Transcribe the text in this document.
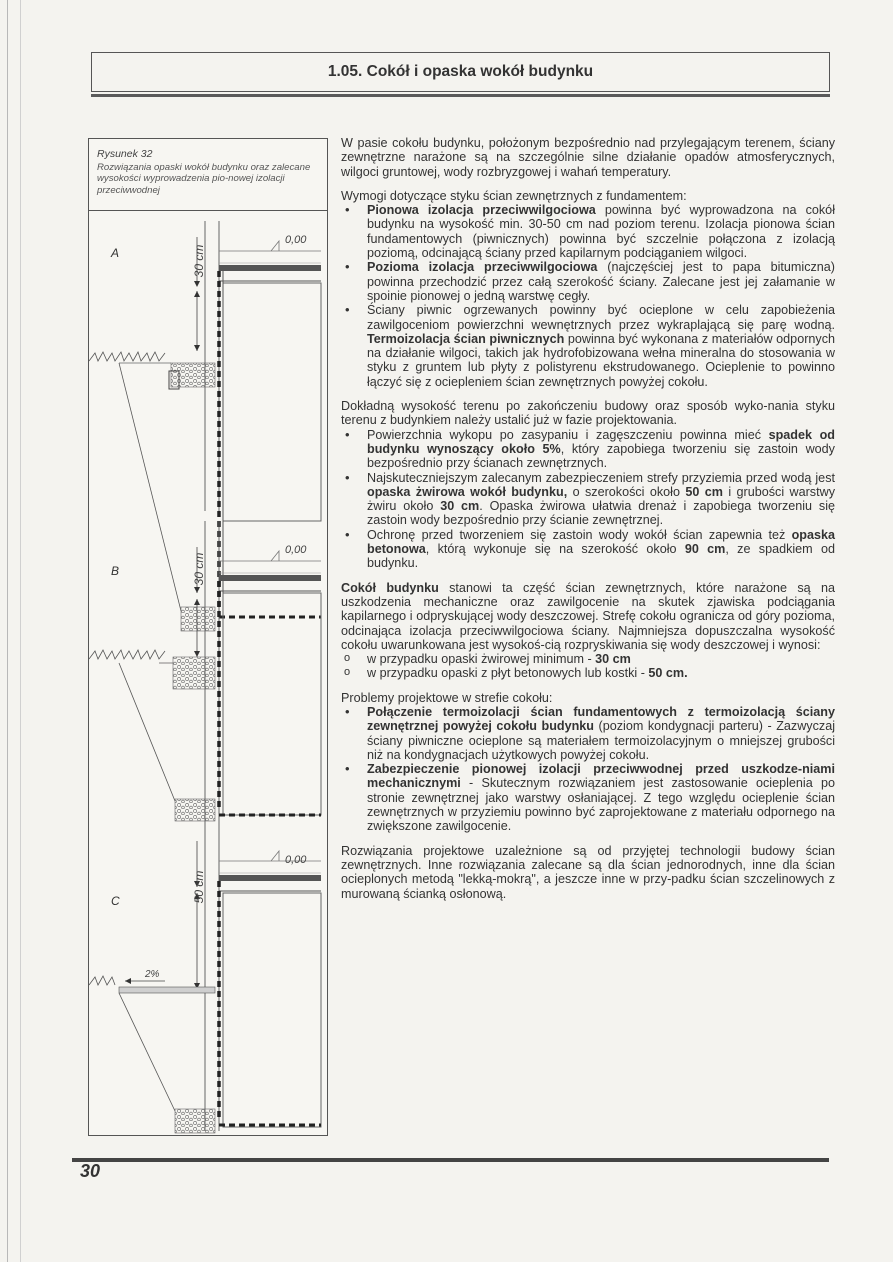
1.05. Cokół i opaska wokół budynku
Rysunek 32
Rozwiązania opaski wokół budynku oraz zalecane wysokości wyprowadzenia pio-nowej izolacji przeciwwodnej
A
0,00
30 cm
B
0,00
30 cm
C
0,00
50 cm
2%

W pasie cokołu budynku, położonym bezpośrednio nad przylegającym terenem, ściany zewnętrzne narażone są na szczególnie silne działanie opadów atmosferycznych, wilgoci gruntowej, wody rozbryzgowej i wahań temperatury.

Wymogi dotyczące styku ścian zewnętrznych z fundamentem:

• Pionowa izolacja przeciwwilgociowa powinna być wyprowadzona na cokół budynku na wysokość min. 30-50 cm nad poziom terenu. Izolacja pionowa ścian fundamentowych (piwnicznych) powinna być szczelnie połączona z izolacją poziomą, odcinającą ściany przed kapilarnym podciąganiem wilgoci.
• Pozioma izolacja przeciwwilgociowa (najczęściej jest to papa bitumiczna) powinna przechodzić przez całą szerokość ściany. Zalecane jest jej załamanie w spoinie pionowej o jedną warstwę cegły.
• Ściany piwnic ogrzewanych powinny być ocieplone w celu zapobieżenia zawilgoceniom powierzchni wewnętrznych przez wykraplającą się parę wodną. Termoizolacja ścian piwnicznych powinna być wykonana z materiałów odpornych na działanie wilgoci, takich jak hydrofobizowana wełna mineralna do stosowania w styku z gruntem lub płyty z polistyrenu ekstrudowanego. Ocieplenie to powinno łączyć się z ociepleniem ścian zewnętrznych powyżej cokołu.

Dokładną wysokość terenu po zakończeniu budowy oraz sposób wyko-nania styku terenu z budynkiem należy ustalić już w fazie projektowania.

• Powierzchnia wykopu po zasypaniu i zagęszczeniu powinna mieć spadek od budynku wynoszący około 5%, który zapobiega tworzeniu się zastoin wody bezpośrednio przy ścianach zewnętrznych.
• Najskuteczniejszym zalecanym zabezpieczeniem strefy przyziemia przed wodą jest opaska żwirowa wokół budynku, o szerokości około 50 cm i grubości warstwy żwiru około 30 cm. Opaska żwirowa ułatwia drenaż i zapobiega tworzeniu się zastoin wody bezpośrednio przy ścianie zewnętrznej.
• Ochronę przed tworzeniem się zastoin wody wokół ścian zapewnia też opaska betonowa, którą wykonuje się na szerokość około 90 cm, ze spadkiem od budynku.

Cokół budynku stanowi ta część ścian zewnętrznych, które narażone są na uszkodzenia mechaniczne oraz zawilgocenie na skutek zjawiska podciągania kapilarnego i odpryskującej wody deszczowej. Strefę cokołu ogranicza od góry pozioma, odcinająca izolacja przeciwwilgociowa ściany. Najmniejsza dopuszczalna wysokość cokołu uwarunkowana jest wysokoś-cią rozpryskiwania się wody deszczowej i wynosi:

o w przypadku opaski żwirowej minimum - 30 cm
o w przypadku opaski z płyt betonowych lub kostki - 50 cm.

Problemy projektowe w strefie cokołu:

• Połączenie termoizolacji ścian fundamentowych z termoizolacją ściany zewnętrznej powyżej cokołu budynku (poziom kondygnacji parteru) - Zazwyczaj ściany piwniczne ocieplone są materiałem termoizolacyjnym o mniejszej grubości niż na kondygnacjach użytkowych powyżej cokołu.
• Zabezpieczenie pionowej izolacji przeciwwodnej przed uszkodze-niami mechanicznymi - Skutecznym rozwiązaniem jest zastosowanie ocieplenia po stronie zewnętrznej jako warstwy osłaniającej. Z tego względu ocieplenie ścian zewnętrznych w przyziemiu powinno być zaprojektowane z materiału odpornego na zwiększone zawilgocenie.

Rozwiązania projektowe uzależnione są od przyjętej technologii budowy ścian zewnętrznych. Inne rozwiązania zalecane są dla ścian jednorodnych, inne dla ścian ocieplonych metodą "lekką-mokrą", a jeszcze inne w przy-padku ścian szczelinowych z murowaną ścianką osłonową.

30
